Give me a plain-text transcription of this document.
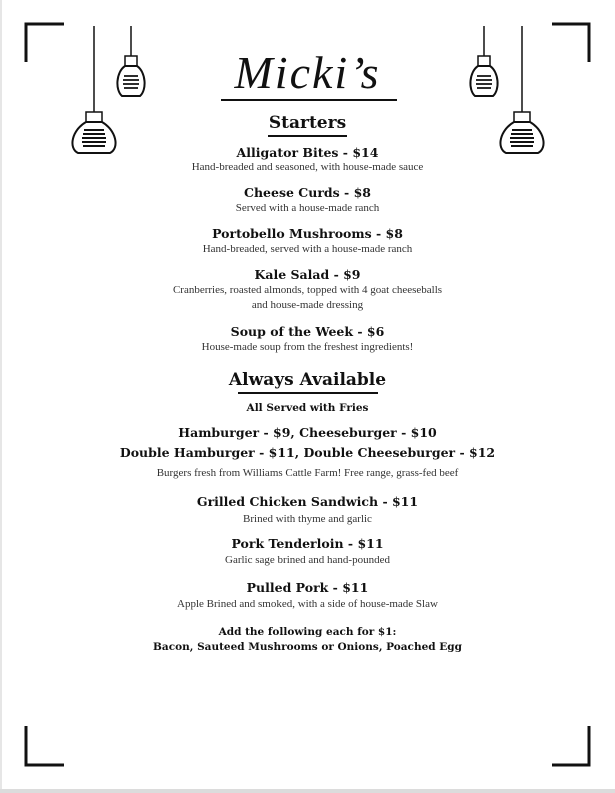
Micki’s
Starters
Alligator Bites - $14
Hand-breaded and seasoned, with house-made sauce
Cheese Curds - $8
Served with a house-made ranch
Portobello Mushrooms - $8
Hand-breaded, served with a house-made ranch
Kale Salad - $9
Cranberries, roasted almonds, topped with 4 goat cheeseballs
and house-made dressing
Soup of the Week - $6
House-made soup from the freshest ingredients!
Always Available
All Served with Fries
Hamburger - $9, Cheeseburger - $10
Double Hamburger - $11, Double Cheeseburger - $12
Burgers fresh from Williams Cattle Farm! Free range, grass-fed beef
Grilled Chicken Sandwich - $11
Brined with thyme and garlic
Pork Tenderloin - $11
Garlic sage brined and hand-pounded
Pulled Pork - $11
Apple Brined and smoked, with a side of house-made Slaw
Add the following each for $1:
Bacon, Sauteed Mushrooms or Onions, Poached Egg
